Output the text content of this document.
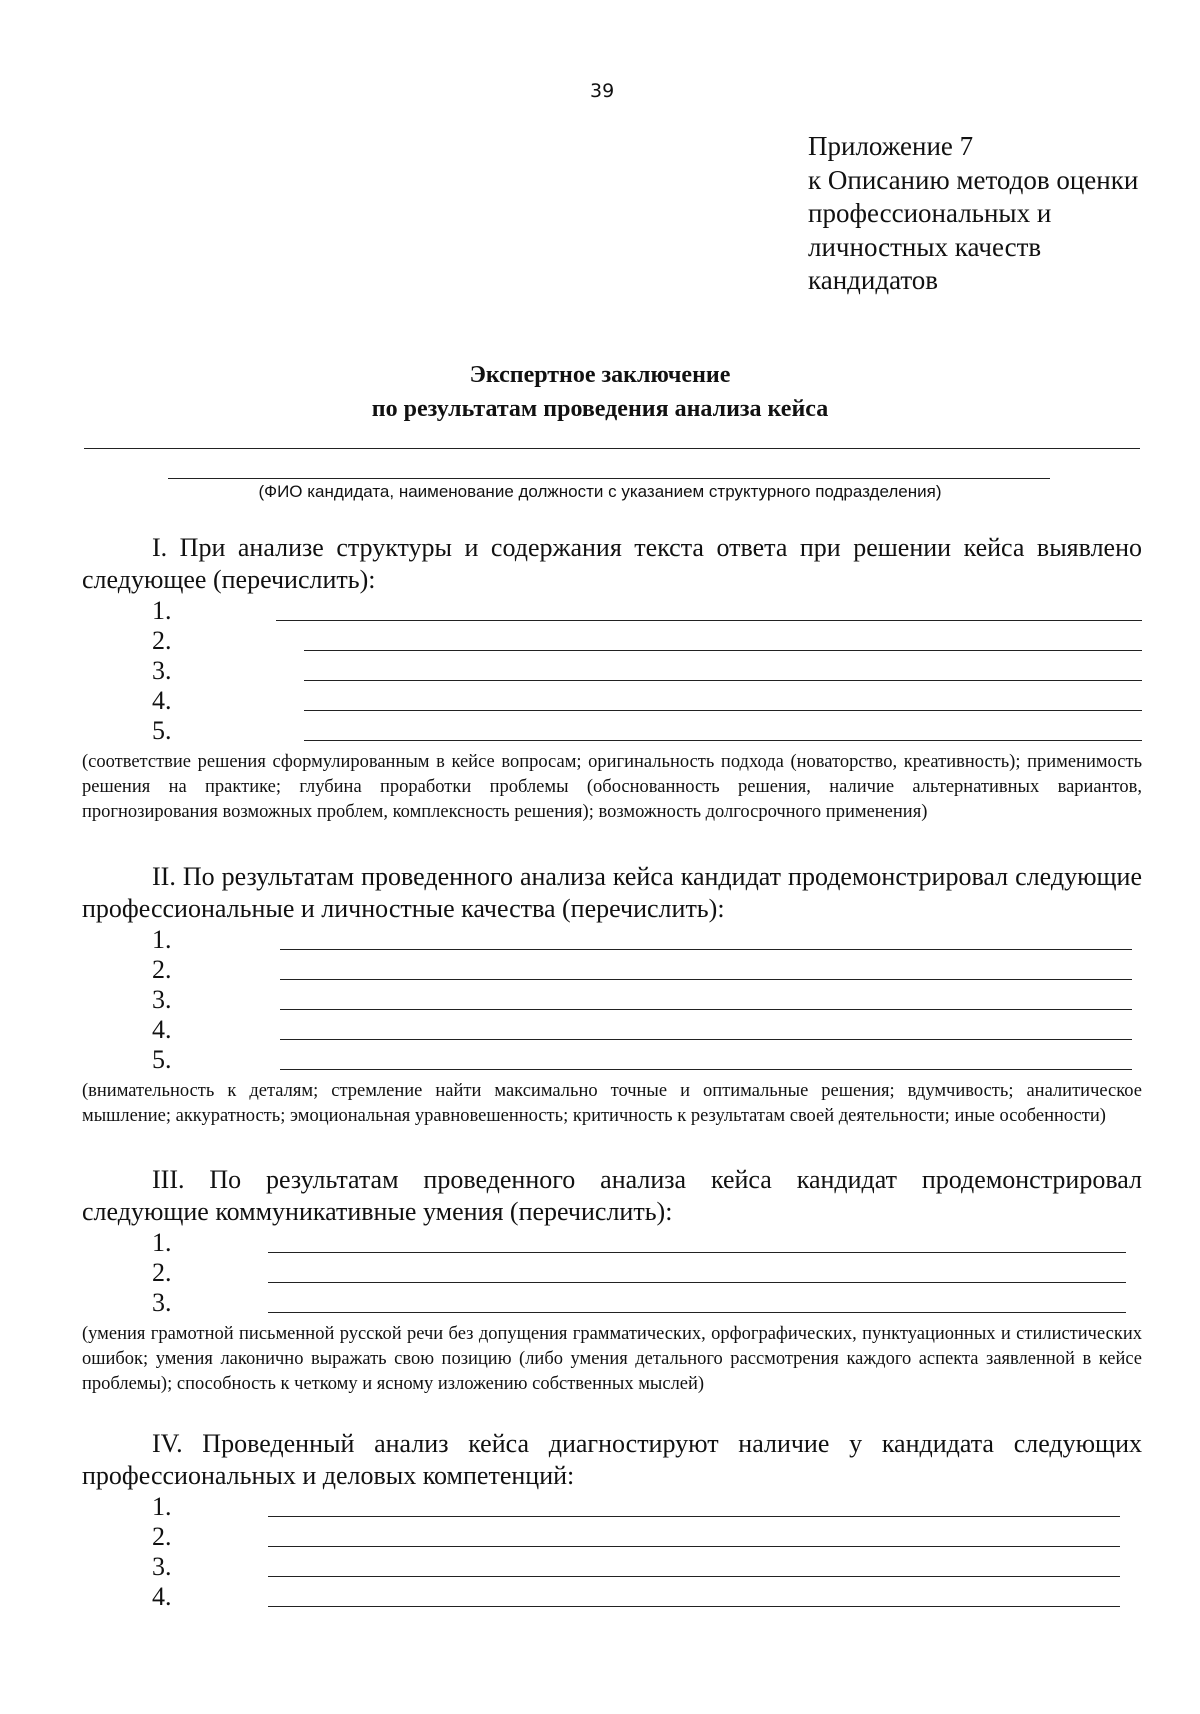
39
Приложение 7
к Описанию методов оценки
профессиональных и
личностных качеств
кандидатов
Экспертное заключение
по результатам проведения анализа кейса
(ФИО кандидата, наименование должности с указанием структурного подразделения)
I. При анализе структуры и содержания текста ответа при решении кейса выявлено следующее (перечислить):
1.
2.
3.
4.
5.
(соответствие решения сформулированным в кейсе вопросам; оригинальность подхода (новаторство, креативность); применимость решения на практике; глубина проработки проблемы (обоснованность решения, наличие альтернативных вариантов, прогнозирования возможных проблем, комплексность решения); возможность долгосрочного применения)
II. По результатам проведенного анализа кейса кандидат продемонстрировал следующие профессиональные и личностные качества (перечислить):
1.
2.
3.
4.
5.
(внимательность к деталям; стремление найти максимально точные и оптимальные решения; вдумчивость; аналитическое мышление; аккуратность; эмоциональная уравновешенность; критичность к результатам своей деятельности; иные особенности)
III. По результатам проведенного анализа кейса кандидат продемонстрировал следующие коммуникативные умения (перечислить):
1.
2.
3.
(умения грамотной письменной русской речи без допущения грамматических, орфографических, пунктуационных и стилистических ошибок; умения лаконично выражать свою позицию (либо умения детального рассмотрения каждого аспекта заявленной в кейсе проблемы); способность к четкому и ясному изложению собственных мыслей)
IV. Проведенный анализ кейса диагностируют наличие у кандидата следующих профессиональных и деловых компетенций:
1.
2.
3.
4.
